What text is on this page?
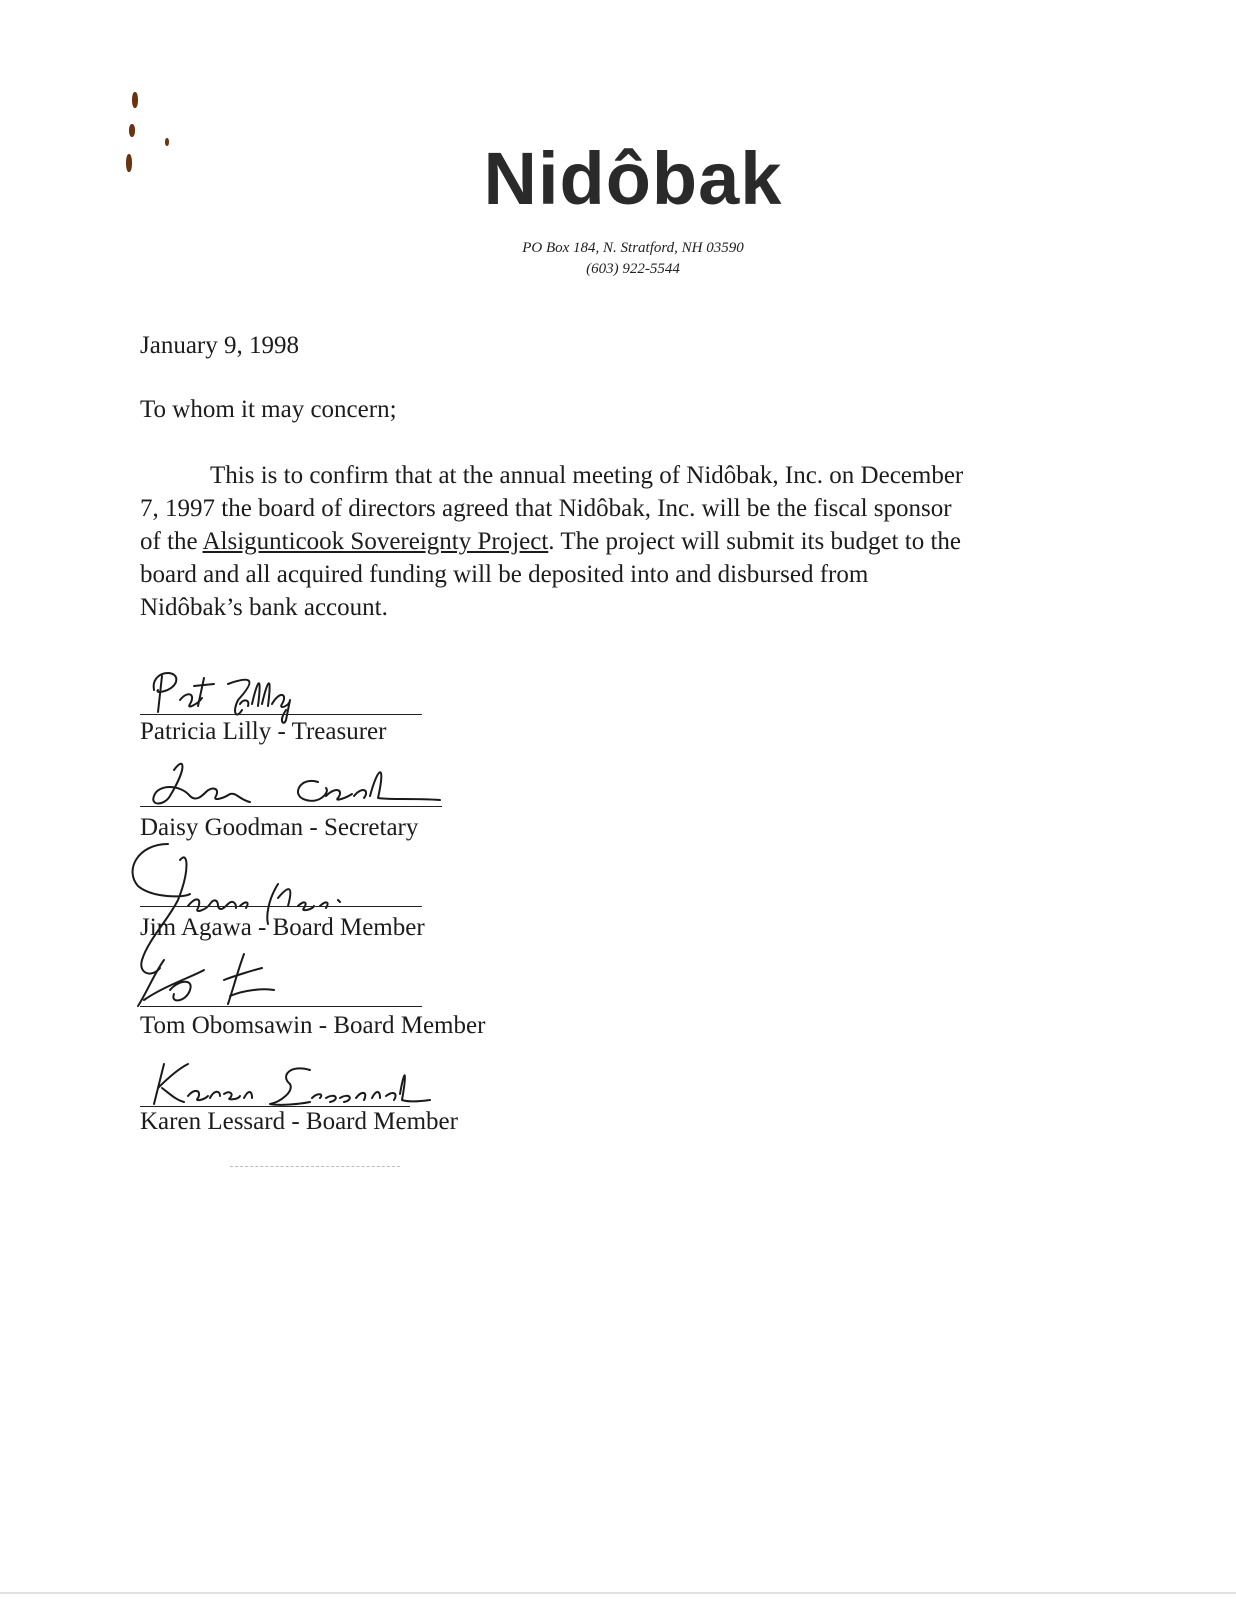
Nidôbak
PO Box 184, N. Stratford, NH 03590
(603) 922-5544
January 9, 1998
To whom it may concern;
This is to confirm that at the annual meeting of Nidôbak, Inc. on December
7, 1997 the board of directors agreed that Nidôbak, Inc. will be the fiscal sponsor
of the Alsigunticook Sovereignty Project. The project will submit its budget to the
board and all acquired funding will be deposited into and disbursed from
Nidôbak’s bank account.
Patricia Lilly - Treasurer
Daisy Goodman - Secretary
Jim Agawa - Board Member
Tom Obomsawin - Board Member
Karen Lessard - Board Member
